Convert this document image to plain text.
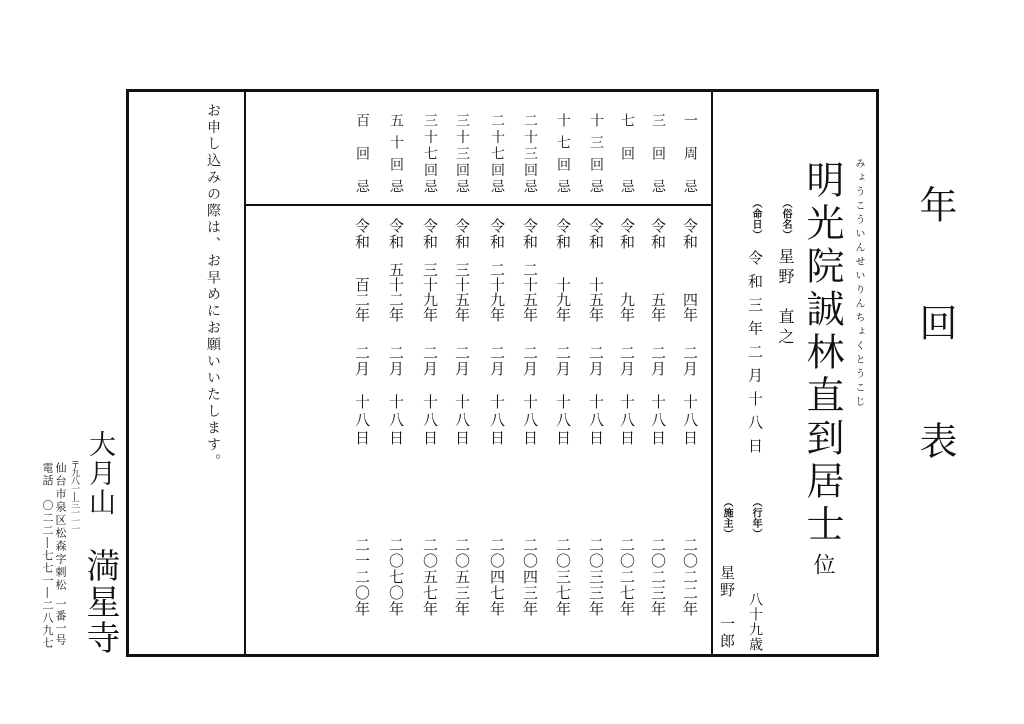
年回表
みょうこういんせいりんちょくとうこじ
明光院誠林直到居士
位
（俗名）
星野　直之
（命日）
令和三年二月十八日
（行年）
八十九歳
（施主）
星野　一郎
一周忌
令和
四年
二月
十八日
二〇二二年
三回忌
令和
五年
二月
十八日
二〇二三年
七回忌
令和
九年
二月
十八日
二〇二七年
十三回忌
令和
十五年
二月
十八日
二〇三三年
十七回忌
令和
十九年
二月
十八日
二〇三七年
二十三回忌
令和
二十五年
二月
十八日
二〇四三年
二十七回忌
令和
二十九年
二月
十八日
二〇四七年
三十三回忌
令和
三十五年
二月
十八日
二〇五三年
三十七回忌
令和
三十九年
二月
十八日
二〇五七年
五十回忌
令和
五十二年
二月
十八日
二〇七〇年
百回忌
令和
百二年
二月
十八日
二一二〇年
お申し込みの際は、お早めにお願いいたします。
大月山
満星寺
〒九八一―三一一一
仙台市泉区松森字刺松
一番一号
電話　〇二二―七七一―二八九七
